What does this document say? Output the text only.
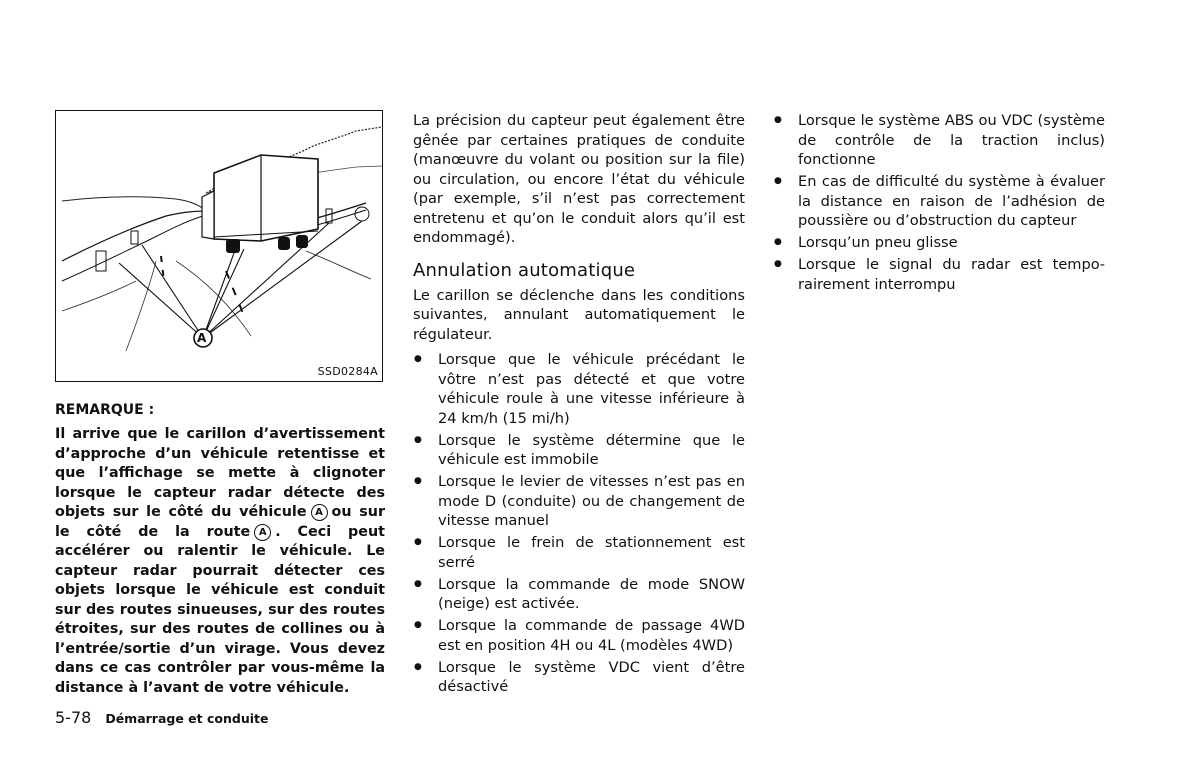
A
SSD0284A
REMARQUE :
Il arrive que le carillon d’avertissement d’approche d’un véhicule retentisse et que l’affichage se mette à clignoter lorsque le capteur radar détecte des objets sur le côté du véhicule A ou sur le côté de la route A . Ceci peut accélérer ou ralentir le véhicule. Le capteur radar pourrait détecter ces objets lorsque le véhicule est conduit sur des routes sinueuses, sur des routes étroites, sur des routes de collines ou à l’entrée/sortie d’un virage. Vous devez dans ce cas contrôler par vous-même la distance à l’avant de votre véhicule.

La précision du capteur peut également être gênée par certaines pratiques de conduite (manœuvre du volant ou position sur la file) ou circulation, ou encore l’état du véhicule (par exemple, s’il n’est pas correctement entretenu et qu’on le conduit alors qu’il est endommagé).

Annulation automatique

Le carillon se déclenche dans les conditions suivantes, annulant automatiquement le régulateur.

● Lorsque que le véhicule précédant le vôtre n’est pas détecté et que votre véhicule roule à une vitesse inférieure à 24 km/h (15 mi/h)
● Lorsque le système détermine que le véhicule est immobile
● Lorsque le levier de vitesses n’est pas en mode D (conduite) ou de changement de vitesse manuel
● Lorsque le frein de stationnement est serré
● Lorsque la commande de mode SNOW (neige) est activée.
● Lorsque la commande de passage 4WD est en position 4H ou 4L (modèles 4WD)
● Lorsque le système VDC vient d’être désactivé
● Lorsque le système ABS ou VDC (système de contrôle de la traction inclus) fonctionne
● En cas de difficulté du système à évaluer la distance en raison de l’adhésion de poussière ou d’obstruction du capteur
● Lorsqu’un pneu glisse
● Lorsque le signal du radar est temporairement interrompu
5-78 Démarrage et conduite
